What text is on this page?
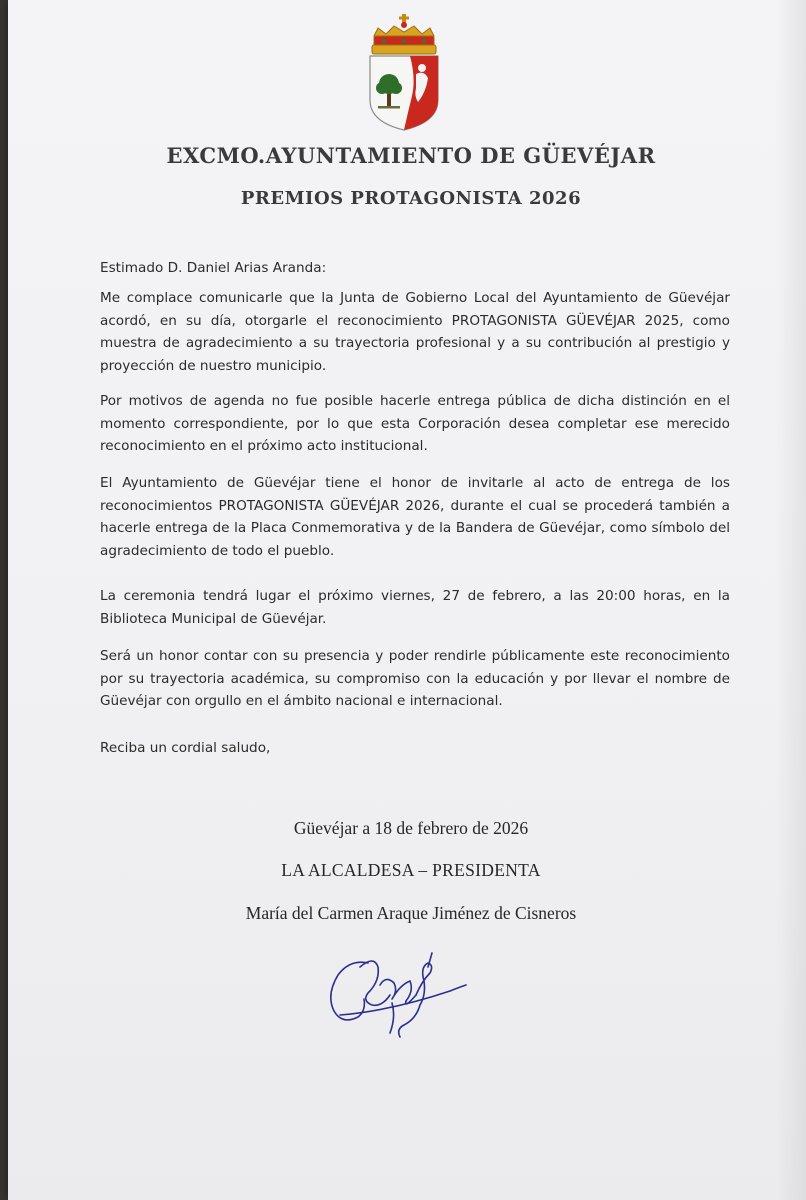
EXCMO.AYUNTAMIENTO DE GÜEVÉJAR
PREMIOS PROTAGONISTA 2026
Estimado D. Daniel Arias Aranda:

Me complace comunicarle que la Junta de Gobierno Local del Ayuntamiento de Güevéjar acordó, en su día, otorgarle el reconocimiento PROTAGONISTA GÜEVÉJAR 2025, como muestra de agradecimiento a su trayectoria profesional y a su contribución al prestigio y proyección de nuestro municipio.

Por motivos de agenda no fue posible hacerle entrega pública de dicha distinción en el momento correspondiente, por lo que esta Corporación desea completar ese merecido reconocimiento en el próximo acto institucional.

El Ayuntamiento de Güevéjar tiene el honor de invitarle al acto de entrega de los reconocimientos PROTAGONISTA GÜEVÉJAR 2026, durante el cual se procederá también a hacerle entrega de la Placa Conmemorativa y de la Bandera de Güevéjar, como símbolo del agradecimiento de todo el pueblo.

La ceremonia tendrá lugar el próximo viernes, 27 de febrero, a las 20:00 horas, en la Biblioteca Municipal de Güevéjar.

Será un honor contar con su presencia y poder rendirle públicamente este reconocimiento por su trayectoria académica, su compromiso con la educación y por llevar el nombre de Güevéjar con orgullo en el ámbito nacional e internacional.

Reciba un cordial saludo,
Güevéjar a 18 de febrero de 2026
LA ALCALDESA – PRESIDENTA
María del Carmen Araque Jiménez de Cisneros
